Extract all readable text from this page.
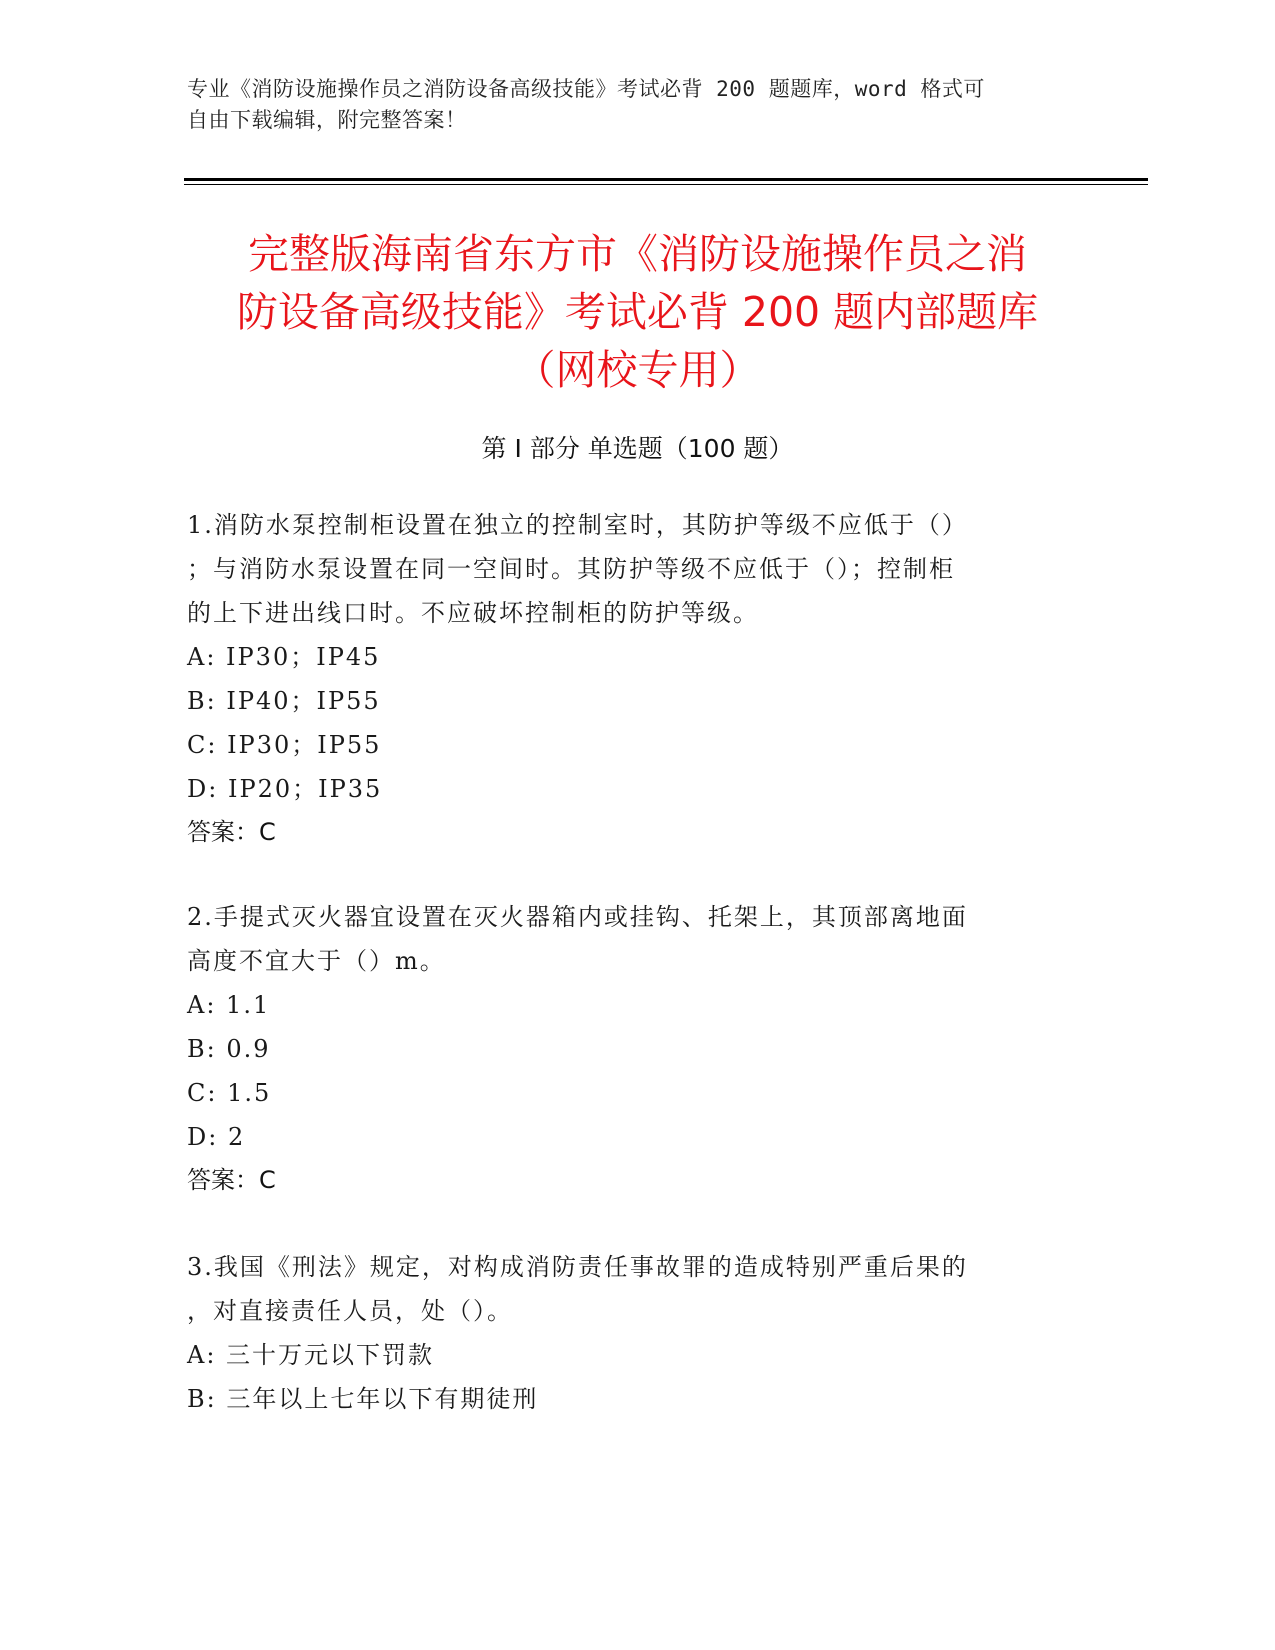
专业《消防设施操作员之消防设备高级技能》考试必背 200 题题库，word 格式可
自由下载编辑，附完整答案！
完整版海南省东方市《消防设施操作员之消
防设备高级技能》考试必背 200 题内部题库
（网校专用）
第 I 部分 单选题（100 题）
1.消防水泵控制柜设置在独立的控制室时，其防护等级不应低于（）
；与消防水泵设置在同一空间时。其防护等级不应低于（）；控制柜
的上下进出线口时。不应破坏控制柜的防护等级。
A: IP30；IP45
B: IP40；IP55
C: IP30；IP55
D: IP20；IP35
答案：C
2.手提式灭火器宜设置在灭火器箱内或挂钩、托架上，其顶部离地面
高度不宜大于（）m。
A: 1.1
B: 0.9
C: 1.5
D: 2
答案：C
3.我国《刑法》规定，对构成消防责任事故罪的造成特别严重后果的
，对直接责任人员，处（）。
A: 三十万元以下罚款
B: 三年以上七年以下有期徒刑
